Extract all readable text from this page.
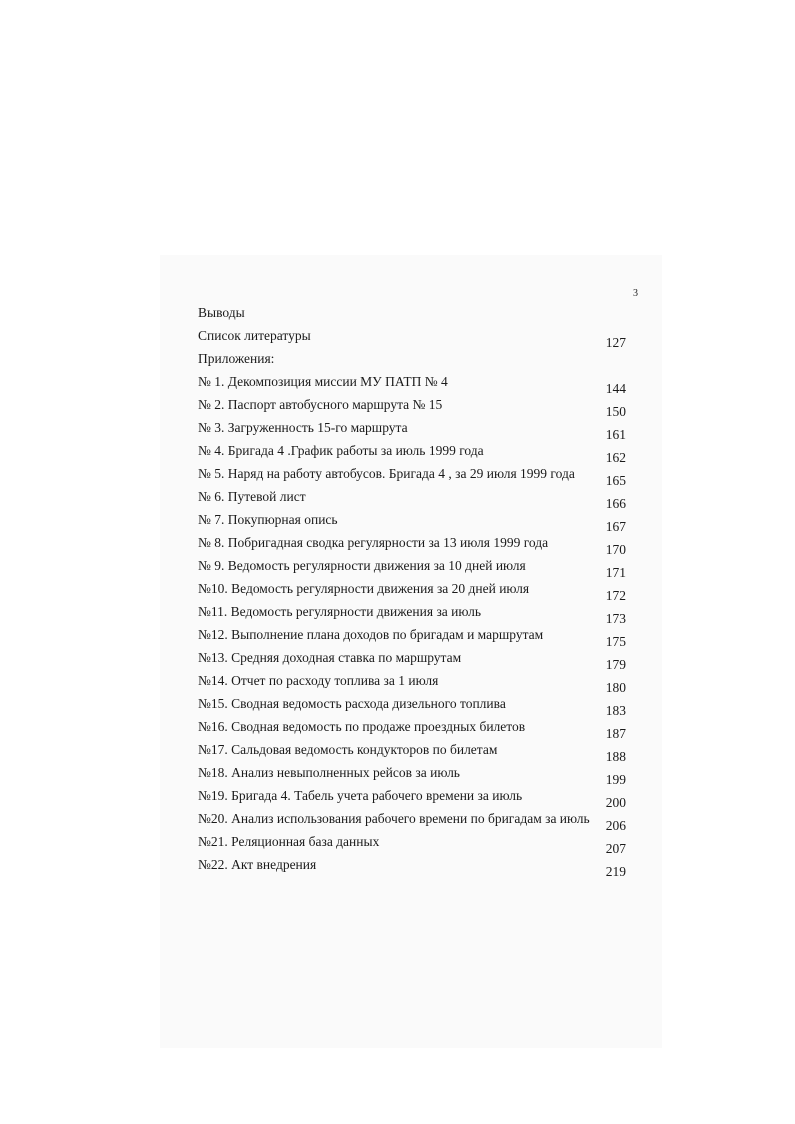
3
Выводы
Список литературы	127
Приложения:
№ 1. Декомпозиция миссии МУ ПАТП № 4	144
№ 2. Паспорт автобусного маршрута № 15	150
№ 3. Загруженность 15-го маршрута	161
№ 4. Бригада 4 .График работы за июль 1999 года	162
№ 5. Наряд на работу автобусов. Бригада 4 , за 29 июля 1999 года 165
№ 6. Путевой лист	166
№ 7. Покупюрная опись	167
№ 8. Побригадная сводка регулярности за 13 июля 1999 года	170
№ 9. Ведомость регулярности движения за 10 дней июля	171
№10. Ведомость регулярности движения за 20 дней июля	172
№11. Ведомость регулярности движения за июль	173
№12. Выполнение плана доходов по бригадам и маршрутам	175
№13. Средняя доходная ставка по маршрутам	179
№14. Отчет по расходу топлива за 1 июля	180
№15. Сводная ведомость расхода дизельного топлива	183
№16. Сводная ведомость по продаже проездных билетов	187
№17. Сальдовая ведомость кондукторов по билетам	188
№18. Анализ невыполненных рейсов за июль	199
№19. Бригада 4. Табель учета рабочего времени за июль	200
№20. Анализ использования рабочего времени по бригадам за июль 206
№21. Реляционная база данных	207
№22. Акт внедрения	219
